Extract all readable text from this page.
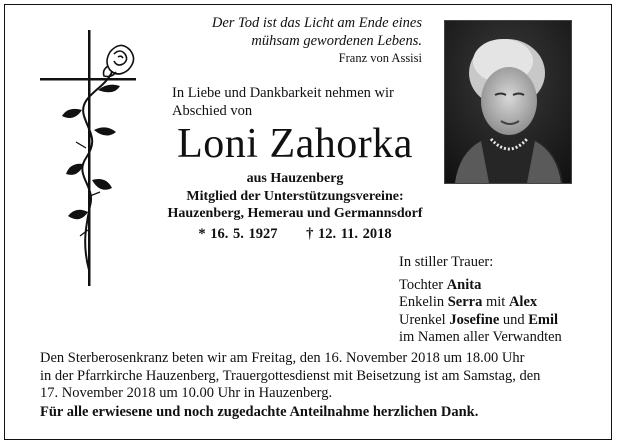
Der Tod ist das Licht am Ende eines
mühsam gewordenen Lebens.
Franz von Assisi
In Liebe und Dankbarkeit nehmen wir
Abschied von
Loni Zahorka
aus Hauzenberg
Mitglied der Unterstützungsvereine:
Hauzenberg, Hemerau und Germannsdorf
* 16. 5. 1927 † 12. 11. 2018
In stiller Trauer:
Tochter Anita
Enkelin Serra mit Alex
Urenkel Josefine und Emil
im Namen aller Verwandten
Den Sterberosenkranz beten wir am Freitag, den 16. November 2018 um 18.00 Uhr
in der Pfarrkirche Hauzenberg, Trauergottesdienst mit Beisetzung ist am Samstag, den
17. November 2018 um 10.00 Uhr in Hauzenberg.
Für alle erwiesene und noch zugedachte Anteilnahme herzlichen Dank.
